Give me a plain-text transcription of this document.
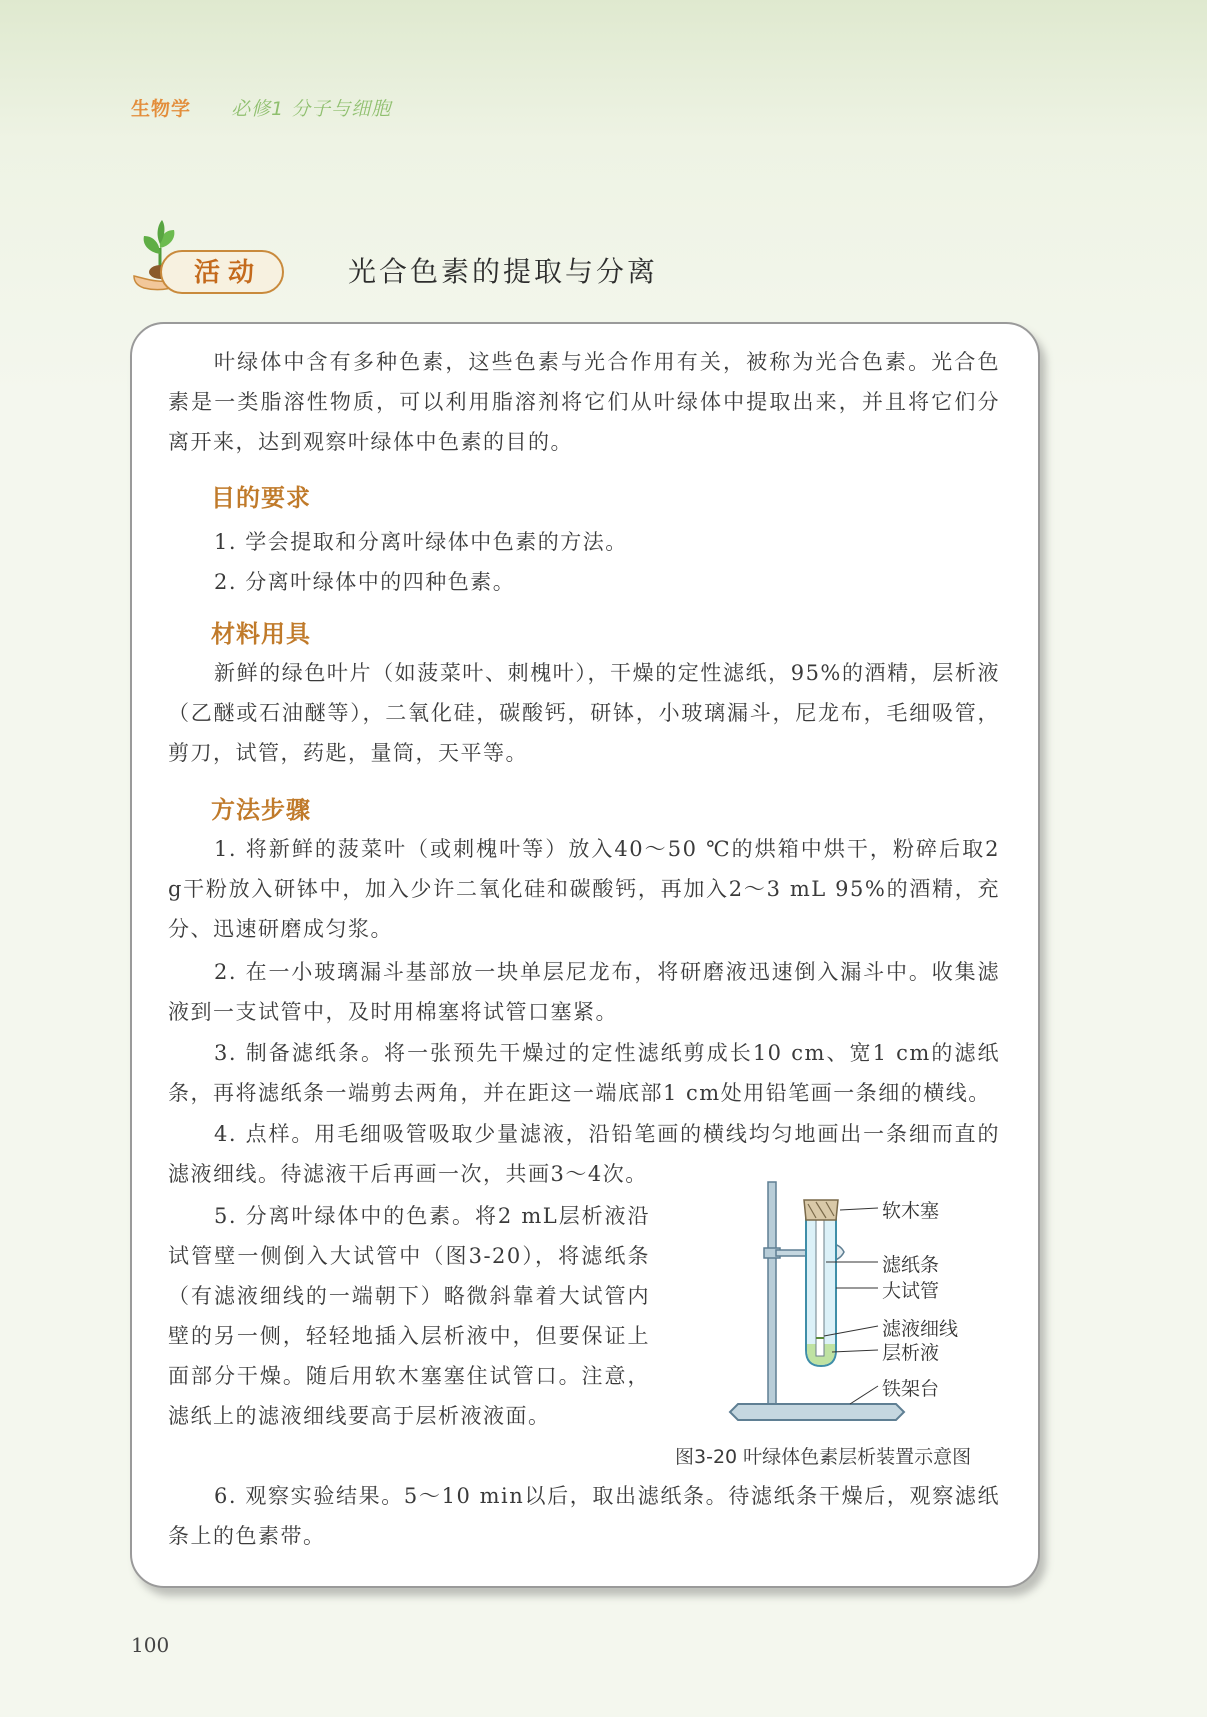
生物学 必修1 分子与细胞
活动	光合色素的提取与分离

叶绿体中含有多种色素，这些色素与光合作用有关，被称为光合色素。光合色素是一类脂溶性物质，可以利用脂溶剂将它们从叶绿体中提取出来，并且将它们分离开来，达到观察叶绿体中色素的目的。

目的要求
1. 学会提取和分离叶绿体中色素的方法。
2. 分离叶绿体中的四种色素。
材料用具

新鲜的绿色叶片（如菠菜叶、刺槐叶），干燥的定性滤纸，95%的酒精，层析液（乙醚或石油醚等），二氧化硅，碳酸钙，研钵，小玻璃漏斗，尼龙布，毛细吸管，剪刀，试管，药匙，量筒，天平等。

方法步骤

1. 将新鲜的菠菜叶（或刺槐叶等）放入40～50 ℃的烘箱中烘干，粉碎后取2 g干粉放入研钵中，加入少许二氧化硅和碳酸钙，再加入2～3 mL 95%的酒精，充分、迅速研磨成匀浆。

2. 在一小玻璃漏斗基部放一块单层尼龙布，将研磨液迅速倒入漏斗中。收集滤液到一支试管中，及时用棉塞将试管口塞紧。

3. 制备滤纸条。将一张预先干燥过的定性滤纸剪成长10 cm、宽1 cm的滤纸条，再将滤纸条一端剪去两角，并在距这一端底部1 cm处用铅笔画一条细的横线。

4. 点样。用毛细吸管吸取少量滤液，沿铅笔画的横线均匀地画出一条细而直的滤液细线。待滤液干后再画一次，共画3～4次。

5. 分离叶绿体中的色素。将2 mL层析液沿试管壁一侧倒入大试管中（图3-20），将滤纸条（有滤液细线的一端朝下）略微斜靠着大试管内壁的另一侧，轻轻地插入层析液中，但要保证上面部分干燥。随后用软木塞塞住试管口。注意，滤纸上的滤液细线要高于层析液液面。

6. 观察实验结果。5～10 min以后，取出滤纸条。待滤纸条干燥后，观察滤纸条上的色素带。

软木塞
滤纸条
大试管
滤液细线
层析液
铁架台
图3-20 叶绿体色素层析装置示意图
100
